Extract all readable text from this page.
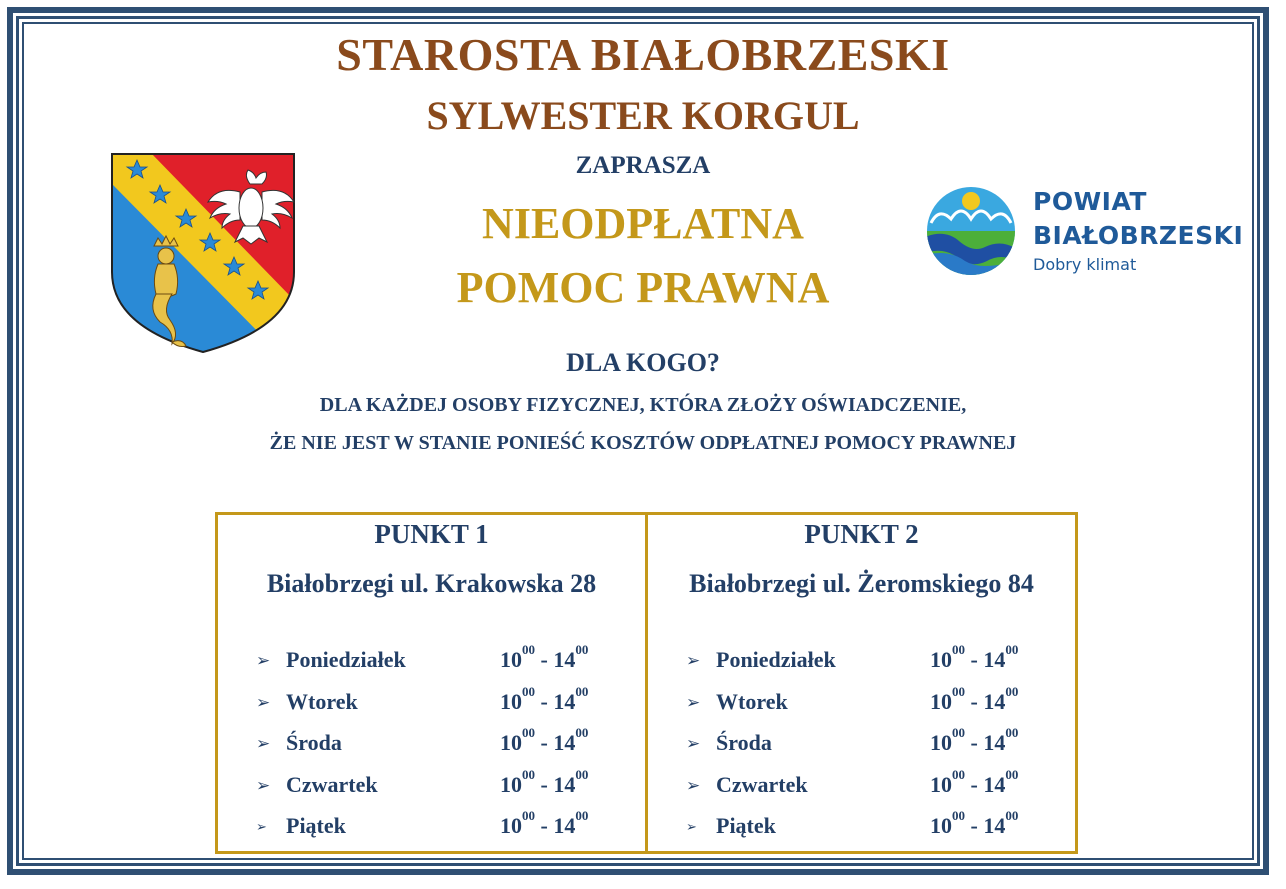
STAROSTA BIAŁOBRZESKI
SYLWESTER KORGUL
ZAPRASZA
NIEODPŁATNA
POMOC PRAWNA
POWIAT
BIAŁOBRZESKI
Dobry klimat
DLA KOGO?
DLA KAŻDEJ OSOBY FIZYCZNEJ, KTÓRA ZŁOŻY OŚWIADCZENIE,
ŻE NIE JEST W STANIE PONIEŚĆ KOSZTÓW ODPŁATNEJ POMOCY PRAWNEJ
PUNKT 1
Białobrzegi ul. Krakowska 28
➢ Poniedziałek	$10^{00} - 14^{00}$
➢ Wtorek	$10^{00} - 14^{00}$
➢ Środa	$10^{00} - 14^{00}$
➢ Czwartek	$10^{00} - 14^{00}$
➢ Piątek	$10^{00} - 14^{00}$
PUNKT 2
Białobrzegi ul. Żeromskiego 84
➢ Poniedziałek	$10^{00} - 14^{00}$
➢ Wtorek	$10^{00} - 14^{00}$
➢ Środa	$10^{00} - 14^{00}$
➢ Czwartek	$10^{00} - 14^{00}$
➢ Piątek	$10^{00} - 14^{00}$
